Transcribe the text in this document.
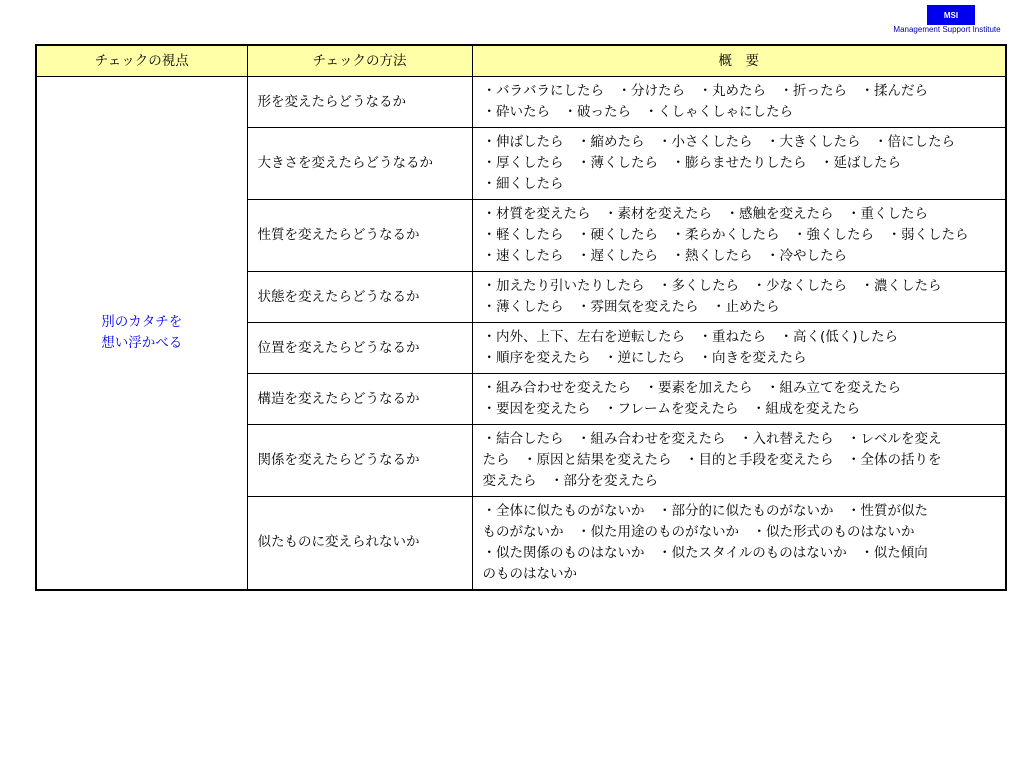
MSI
Management Support Institute
チェックの視点	チェックの方法	概　要

別のカタチを
想い浮かべる	形を変えたらどうなるか	・バラバラにしたら　・分けたら　・丸めたら　・折ったら　・揉んだら
・砕いたら　・破ったら　・くしゃくしゃにしたら

	大きさを変えたらどうなるか	・伸ばしたら　・縮めたら　・小さくしたら　・大きくしたら　・倍にしたら
・厚くしたら　・薄くしたら　・膨らませたりしたら　・延ばしたら
・細くしたら

	性質を変えたらどうなるか	・材質を変えたら　・素材を変えたら　・感触を変えたら　・重くしたら
・軽くしたら　・硬くしたら　・柔らかくしたら　・強くしたら　・弱くしたら
・速くしたら　・遅くしたら　・熱くしたら　・冷やしたら

	状態を変えたらどうなるか	・加えたり引いたりしたら　・多くしたら　・少なくしたら　・濃くしたら
・薄くしたら　・雰囲気を変えたら　・止めたら

	位置を変えたらどうなるか	・内外、上下、左右を逆転したら　・重ねたら　・高く(低く)したら
・順序を変えたら　・逆にしたら　・向きを変えたら

	構造を変えたらどうなるか	・組み合わせを変えたら　・要素を加えたら　・組み立てを変えたら
・要因を変えたら　・フレームを変えたら　・組成を変えたら

	関係を変えたらどうなるか	・結合したら　・組み合わせを変えたら　・入れ替えたら　・レベルを変え
たら　・原因と結果を変えたら　・目的と手段を変えたら　・全体の括りを
変えたら　・部分を変えたら

	似たものに変えられないか	・全体に似たものがないか　・部分的に似たものがないか　・性質が似た
ものがないか　・似た用途のものがないか　・似た形式のものはないか
・似た関係のものはないか　・似たスタイルのものはないか　・似た傾向
のものはないか
